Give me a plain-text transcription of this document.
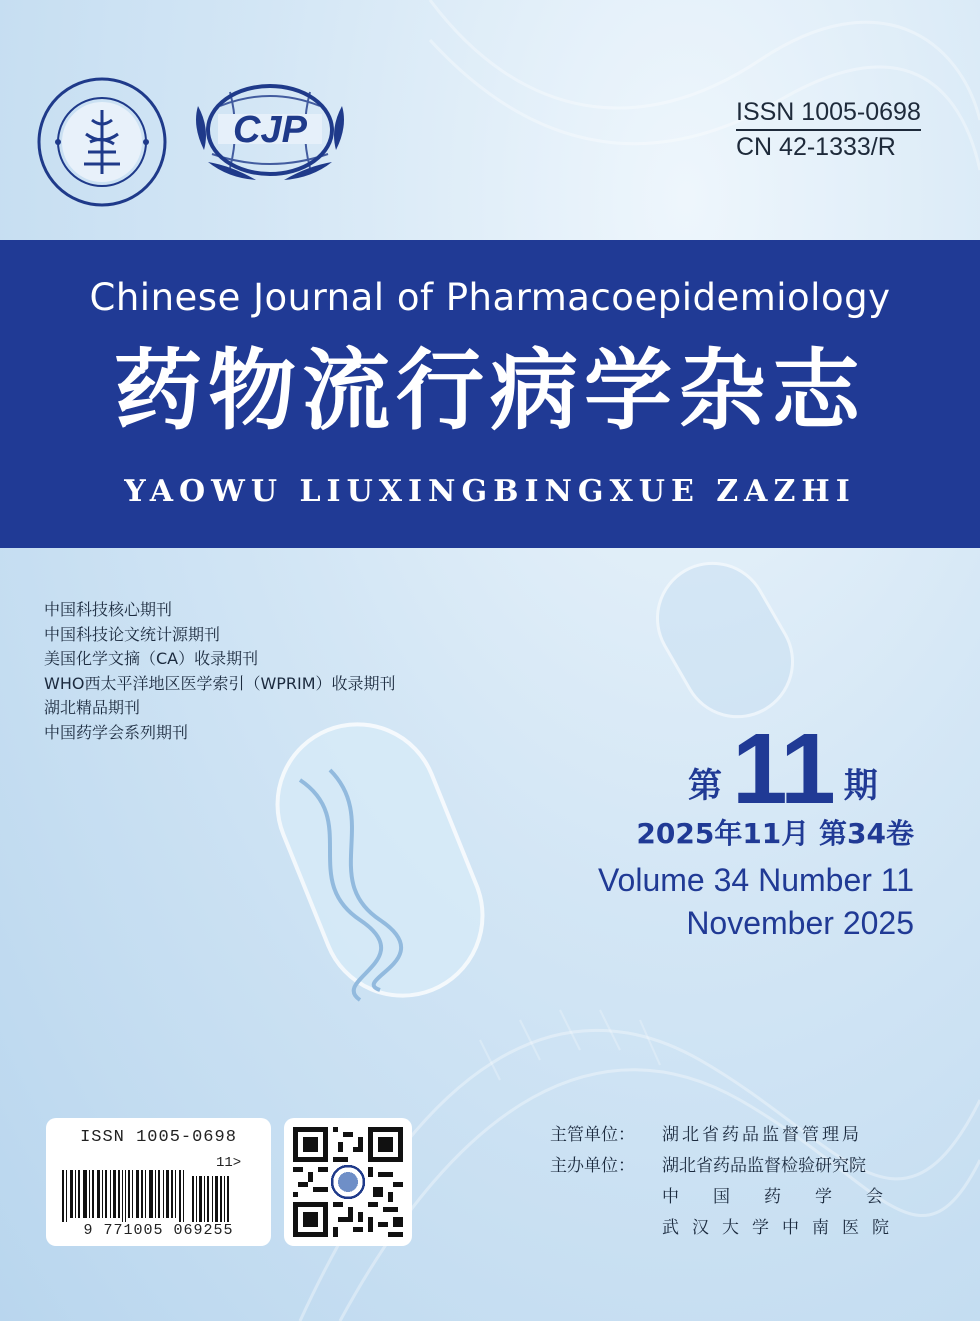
CJP	ISSN 1005-0698
CN 42-1333/R
Chinese Journal of Pharmacoepidemiology
药物流行病学杂志
YAOWU LIUXINGBINGXUE ZAZHI
中国科技核心期刊
中国科技论文统计源期刊
美国化学文摘（CA）收录期刊
WHO西太平洋地区医学索引（WPRIM）收录期刊
湖北精品期刊
中国药学会系列期刊
第 11 期
2025年11月 第34卷
Volume 34 Number 11
November 2025
ISSN 1005-0698
11>
9 771005 069255
主管单位： 湖北省药品监督管理局
主办单位： 湖北省药品监督检验研究院
中国药学会
武汉大学中南医院
